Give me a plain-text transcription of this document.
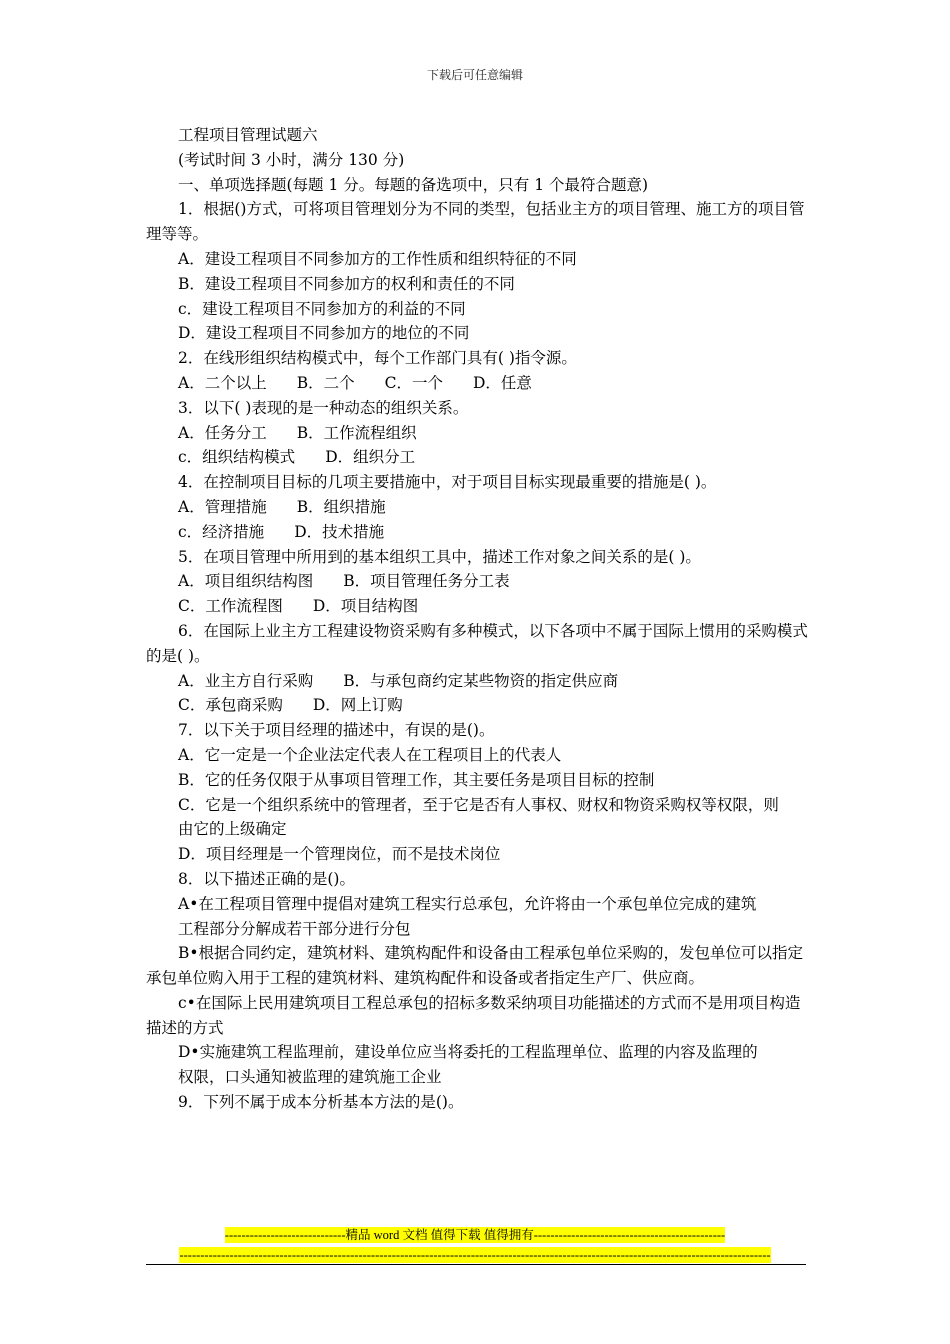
下载后可任意编辑
工程项目管理试题六
(考试时间 3 小时，满分 130 分)
一、单项选择题(每题 1 分。每题的备选项中，只有 1 个最符合题意)
1．根据()方式，可将项目管理划分为不同的类型，包括业主方的项目管理、施工方的项目管理等等。
A．建设工程项目不同参加方的工作性质和组织特征的不同
B．建设工程项目不同参加方的权利和责任的不同
c．建设工程项目不同参加方的利益的不同
D．建设工程项目不同参加方的地位的不同
2．在线形组织结构模式中，每个工作部门具有( )指令源。
A．二个以上 B．二个 C．一个 D．任意
3．以下( )表现的是一种动态的组织关系。
A．任务分工 B．工作流程组织
c．组织结构模式 D．组织分工
4．在控制项目目标的几项主要措施中，对于项目目标实现最重要的措施是( )。
A．管理措施 B．组织措施
c．经济措施 D．技术措施
5．在项目管理中所用到的基本组织工具中，描述工作对象之间关系的是( )。
A．项目组织结构图 B．项目管理任务分工表
C．工作流程图 D．项目结构图
6．在国际上业主方工程建设物资采购有多种模式，以下各项中不属于国际上惯用的采购模式的是( )。
A．业主方自行采购 B．与承包商约定某些物资的指定供应商
C．承包商采购 D．网上订购
7．以下关于项目经理的描述中，有误的是()。
A．它一定是一个企业法定代表人在工程项目上的代表人
B．它的任务仅限于从事项目管理工作，其主要任务是项目目标的控制
C．它是一个组织系统中的管理者，至于它是否有人事权、财权和物资采购权等权限，则
由它的上级确定
D．项目经理是一个管理岗位，而不是技术岗位
8．以下描述正确的是()。
A•在工程项目管理中提倡对建筑工程实行总承包，允许将由一个承包单位完成的建筑
工程部分分解成若干部分进行分包
B•根据合同约定，建筑材料、建筑构配件和设备由工程承包单位采购的，发包单位可以指定承包单位购入用于工程的建筑材料、建筑构配件和设备或者指定生产厂、供应商。
c•在国际上民用建筑项目工程总承包的招标多数采纳项目功能描述的方式而不是用项目构造描述的方式
D•实施建筑工程监理前，建设单位应当将委托的工程监理单位、监理的内容及监理的
权限，口头通知被监理的建筑施工企业
9．下列不属于成本分析基本方法的是()。
-----------------------------精品 word 文档 值得下载 值得拥有----------------------------------------------
----------------------------------------------------------------------------------------------------------------------------------------------
